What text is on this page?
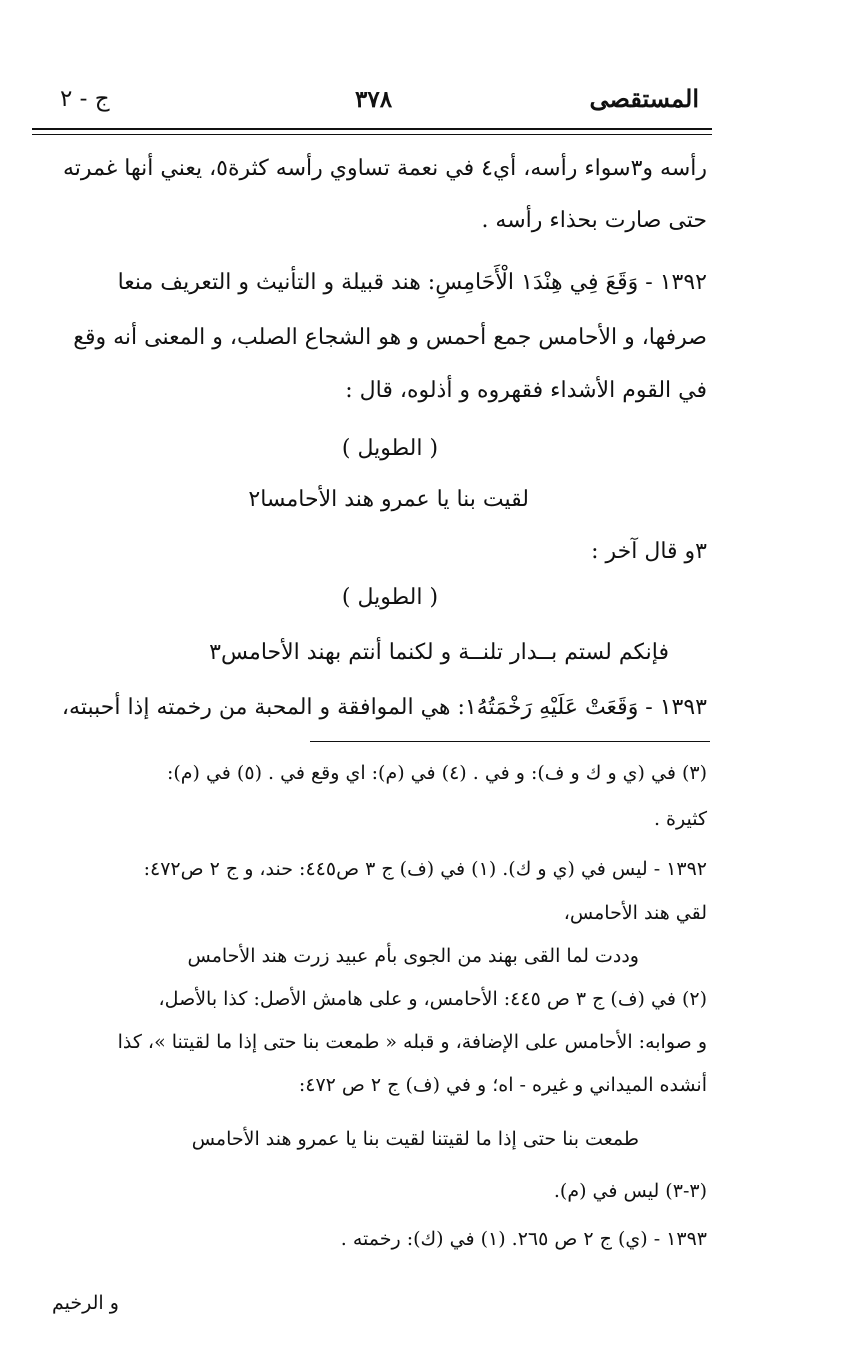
ج - ٢	٣٧٨	المستقصى
رأسه و٣سواء رأسه، أي٤ في نعمة تساوي رأسه كثرة٥، يعني أنها غمرته
حتى صارت بحذاء رأسه .
١٣٩٢ - وَقَعَ فِي هِنْدَ١ الْأَحَامِسِ: هند قبيلة و التأنيث و التعريف منعا
صرفها، و الأحامس جمع أحمس و هو الشجاع الصلب، و المعنى أنه وقع
في القوم الأشداء فقهروه و أذلوه، قال :
( الطويل )
لقيت بنا يا عمرو هند الأحامسا٢
٣و قال آخر :
( الطويل )
فإنكم لستم بــدار تلنــة و لكنما أنتم بهند الأحامس٣
١٣٩٣ - وَقَعَتْ عَلَيْهِ رَخْمَتُهُ١: هي الموافقة و المحبة من رخمته إذا أحببته،
(٣) في (ي و ك و ف): و في . (٤) في (م): اي وقع في . (٥) في (م):
كثيرة .
١٣٩٢ - ليس في (ي و ك). (١) في (ف) ج ٣ ص٤٤٥: حند، و ج ٢ ص٤٧٢:
لقي هند الأحامس،
وددت لما القى بهند من الجوى بأم عبيد زرت هند الأحامس
(٢) في (ف) ج ٣ ص ٤٤٥: الأحامس، و على هامش الأصل: كذا بالأصل،
و صوابه: الأحامس على الإضافة، و قبله « طمعت بنا حتى إذا ما لقيتنا »، كذا
أنشده الميداني و غيره - اه؛ و في (ف) ج ٢ ص ٤٧٢:
طمعت بنا حتى إذا ما لقيتنا لقيت بنا يا عمرو هند الأحامس
(٣-٣) ليس في (م).
١٣٩٣ - (ي) ج ٢ ص ٢٦٥. (١) في (ك): رخمته .
و الرخيم
